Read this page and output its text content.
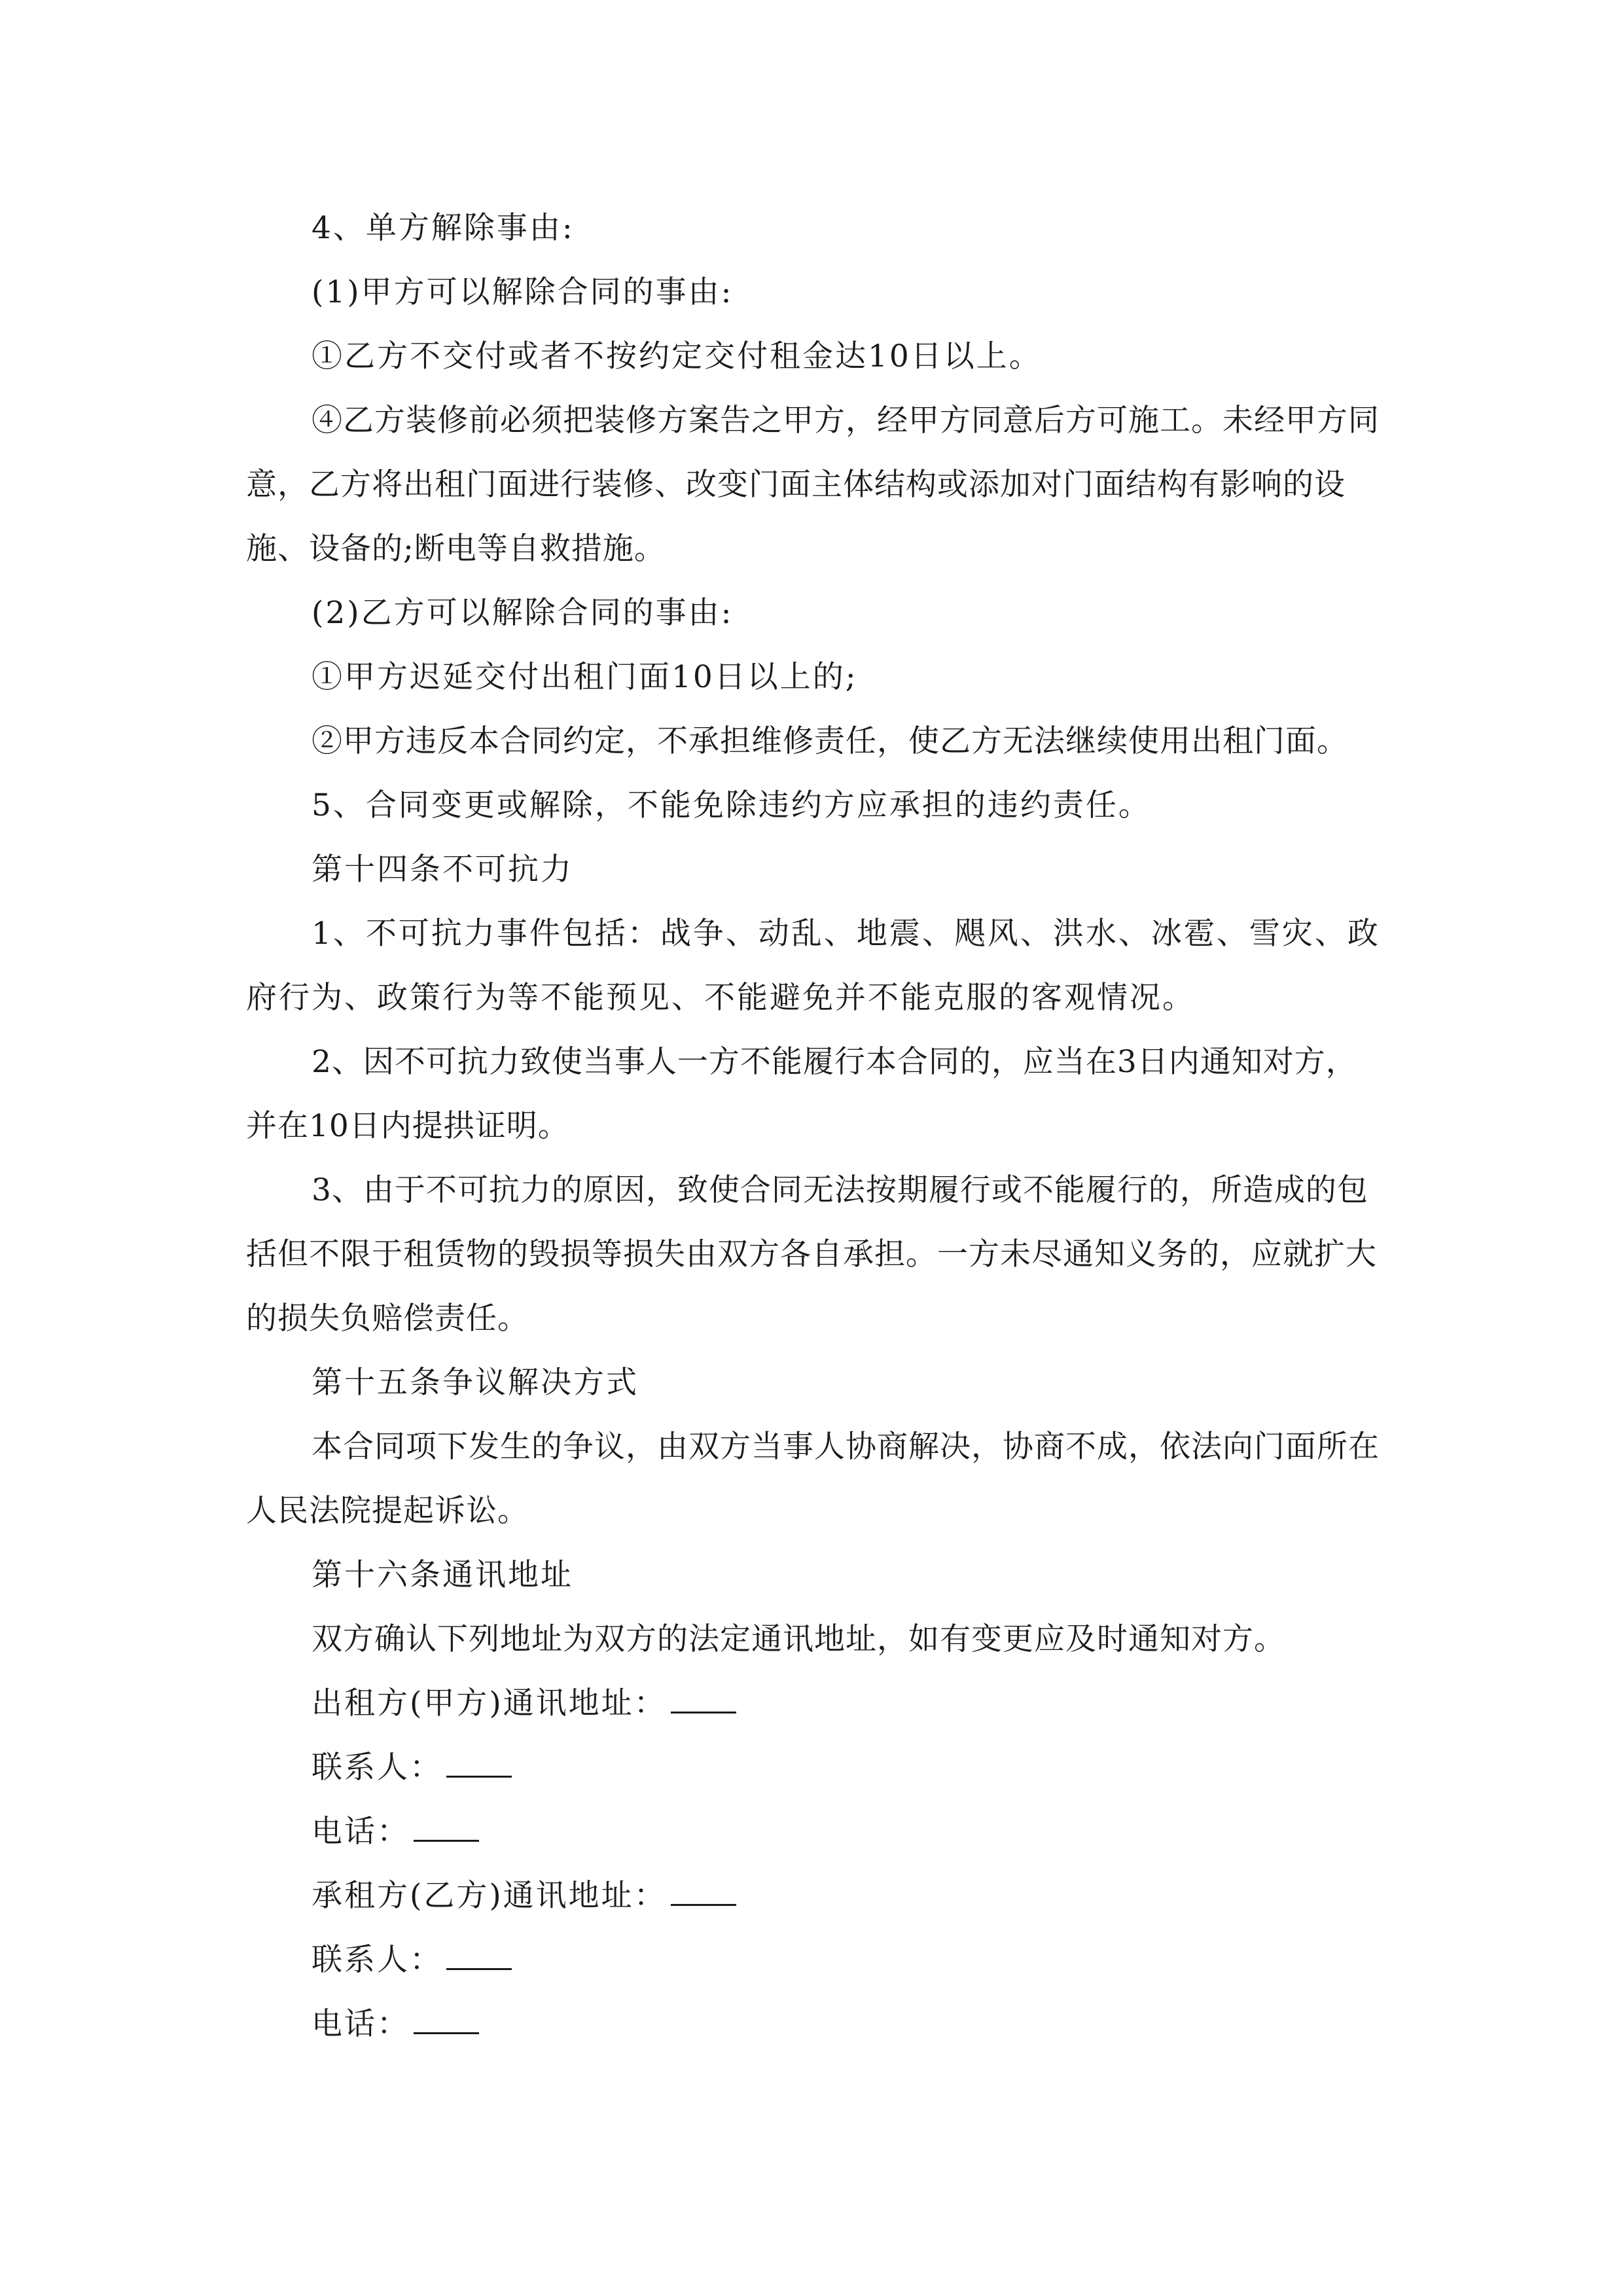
4、单方解除事由:

(1)甲方可以解除合同的事由:

①乙方不交付或者不按约定交付租金达10日以上。

④乙方装修前必须把装修方案告之甲方，经甲方同意后方可施工。未经甲方同意，乙方将出租门面进行装修、改变门面主体结构或添加对门面结构有影响的设施、设备的;断电等自救措施。

(2)乙方可以解除合同的事由:

①甲方迟延交付出租门面10日以上的;

②甲方违反本合同约定，不承担维修责任，使乙方无法继续使用出租门面。

5、合同变更或解除，不能免除违约方应承担的违约责任。

第十四条不可抗力

1、不可抗力事件包括：战争、动乱、地震、飓风、洪水、冰雹、雪灾、政府行为、政策行为等不能预见、不能避免并不能克服的客观情况。

2、因不可抗力致使当事人一方不能履行本合同的，应当在3日内通知对方，并在10日内提拱证明。

3、由于不可抗力的原因，致使合同无法按期履行或不能履行的，所造成的包括但不限于租赁物的毁损等损失由双方各自承担。一方未尽通知义务的，应就扩大的损失负赔偿责任。

第十五条争议解决方式

本合同项下发生的争议，由双方当事人协商解决，协商不成，依法向门面所在人民法院提起诉讼。

第十六条通讯地址

双方确认下列地址为双方的法定通讯地址，如有变更应及时通知对方。

出租方(甲方)通讯地址：

联系人：

电话：

承租方(乙方)通讯地址：

联系人：

电话：
